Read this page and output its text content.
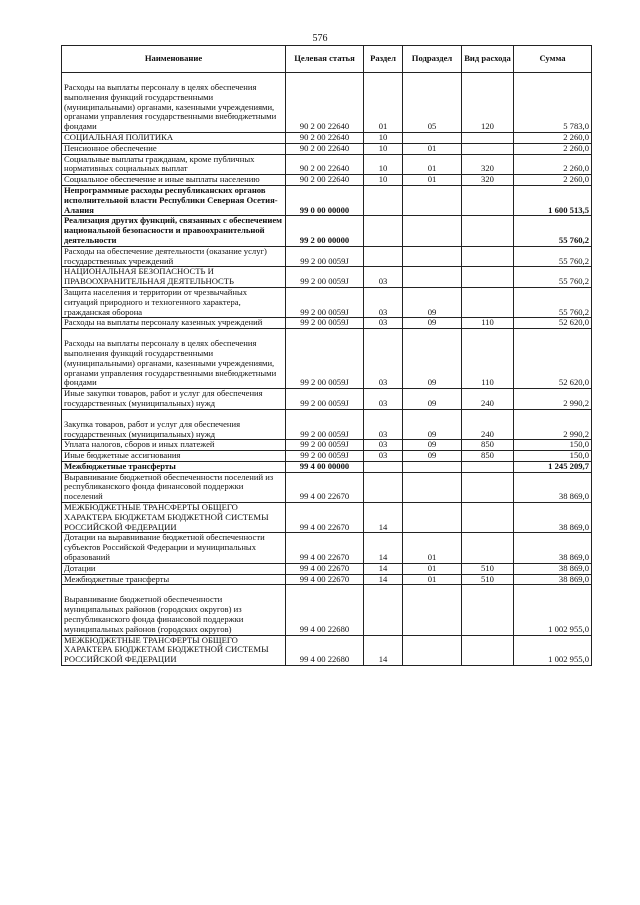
576
Наименование	Целевая статья	Раздел	Подраздел	Вид расхода	Сумма
Расходы на выплаты персоналу в целях обеспечения выполнения функций государственными (муниципальными) органами, казенными учреждениями, органами управления государственными внебюджетными фондами	90 2 00 22640	01	05	120	5 783,0
СОЦИАЛЬНАЯ ПОЛИТИКА	90 2 00 22640	10			2 260,0
Пенсионное обеспечение	90 2 00 22640	10	01		2 260,0
Социальные выплаты гражданам, кроме публичных нормативных социальных выплат	90 2 00 22640	10	01	320	2 260,0
Социальное обеспечение и иные выплаты населению	90 2 00 22640	10	01	320	2 260,0
Непрограммные расходы республиканских органов исполнительной власти Республики Северная Осетия-Алания	99 0 00 00000				1 600 513,5
Реализация других функций, связанных с обеспечением национальной безопасности и правоохранительной деятельности	99 2 00 00000				55 760,2
Расходы на обеспечение деятельности (оказание услуг) государственных учреждений	99 2 00 0059J				55 760,2
НАЦИОНАЛЬНАЯ БЕЗОПАСНОСТЬ И ПРАВООХРАНИТЕЛЬНАЯ ДЕЯТЕЛЬНОСТЬ	99 2 00 0059J	03			55 760,2
Защита населения и территории от чрезвычайных ситуаций природного и техногенного характера, гражданская оборона	99 2 00 0059J	03	09		55 760,2
Расходы на выплаты персоналу казенных учреждений	99 2 00 0059J	03	09	110	52 620,0
Расходы на выплаты персоналу в целях обеспечения выполнения функций государственными (муниципальными) органами, казенными учреждениями, органами управления государственными внебюджетными фондами	99 2 00 0059J	03	09	110	52 620,0
Иные закупки товаров, работ и услуг для обеспечения государственных (муниципальных) нужд	99 2 00 0059J	03	09	240	2 990,2
Закупка товаров, работ и услуг для обеспечения государственных (муниципальных) нужд	99 2 00 0059J	03	09	240	2 990,2
Уплата налогов, сборов и иных платежей	99 2 00 0059J	03	09	850	150,0
Иные бюджетные ассигнования	99 2 00 0059J	03	09	850	150,0
Межбюджетные трансферты	99 4 00 00000				1 245 209,7
Выравнивание бюджетной обеспеченности поселений из республиканского фонда финансовой поддержки поселений	99 4 00 22670				38 869,0
МЕЖБЮДЖЕТНЫЕ ТРАНСФЕРТЫ ОБЩЕГО ХАРАКТЕРА БЮДЖЕТАМ БЮДЖЕТНОЙ СИСТЕМЫ РОССИЙСКОЙ ФЕДЕРАЦИИ	99 4 00 22670	14			38 869,0
Дотации на выравнивание бюджетной обеспеченности субъектов Российской Федерации и муниципальных образований	99 4 00 22670	14	01		38 869,0
Дотации	99 4 00 22670	14	01	510	38 869,0
Межбюджетные трансферты	99 4 00 22670	14	01	510	38 869,0
Выравнивание бюджетной обеспеченности муниципальных районов (городских округов) из республиканского фонда финансовой поддержки муниципальных районов (городских округов)	99 4 00 22680				1 002 955,0
МЕЖБЮДЖЕТНЫЕ ТРАНСФЕРТЫ ОБЩЕГО ХАРАКТЕРА БЮДЖЕТАМ БЮДЖЕТНОЙ СИСТЕМЫ РОССИЙСКОЙ ФЕДЕРАЦИИ	99 4 00 22680	14			1 002 955,0
